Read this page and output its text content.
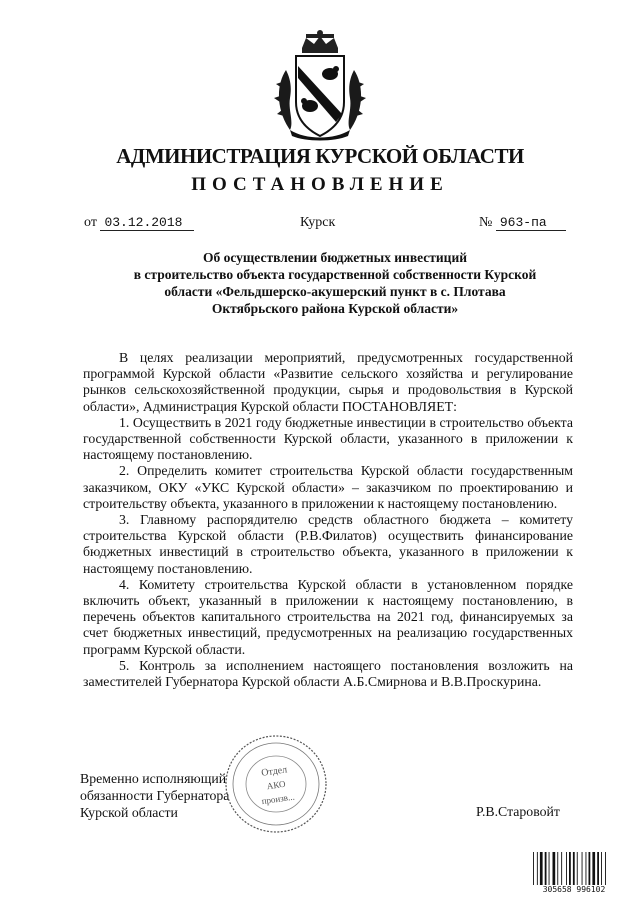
АДМИНИСТРАЦИЯ КУРСКОЙ ОБЛАСТИ
ПОСТАНОВЛЕНИЕ
от 03.12.2018	Курск	№ 963-па
Об осуществлении бюджетных инвестиций
в строительство объекта государственной собственности Курской
области «Фельдшерско-акушерский пункт в с. Плотава
Октябрьского района Курской области»

В целях реализации мероприятий, предусмотренных государственной программой Курской области «Развитие сельского хозяйства и регулирование рынков сельскохозяйственной продукции, сырья и продовольствия в Курской области», Администрация Курской области ПОСТАНОВЛЯЕТ:

1. Осуществить в 2021 году бюджетные инвестиции в строительство объекта государственной собственности Курской области, указанного в приложении к настоящему постановлению.

2. Определить комитет строительства Курской области государственным заказчиком, ОКУ «УКС Курской области» – заказчиком по проектированию и строительству объекта, указанного в приложении к настоящему постановлению.

3. Главному распорядителю средств областного бюджета – комитету строительства Курской области (Р.В.Филатов) осуществить финансирование бюджетных инвестиций в строительство объекта, указанного в приложении к настоящему постановлению.

4. Комитету строительства Курской области в установленном порядке включить объект, указанный в приложении к настоящему постановлению, в перечень объектов капитального строительства на 2021 год, финансируемых за счет бюджетных инвестиций, предусмотренных на реализацию государственных программ Курской области.

5. Контроль за исполнением настоящего постановления возложить на заместителей Губернатора Курской области А.Б.Смирнова и В.В.Проскурина.

Временно исполняющий
обязанности Губернатора
Курской области	Р.В.Старовойт
Отдел
АКО
произв...
305658 996102
